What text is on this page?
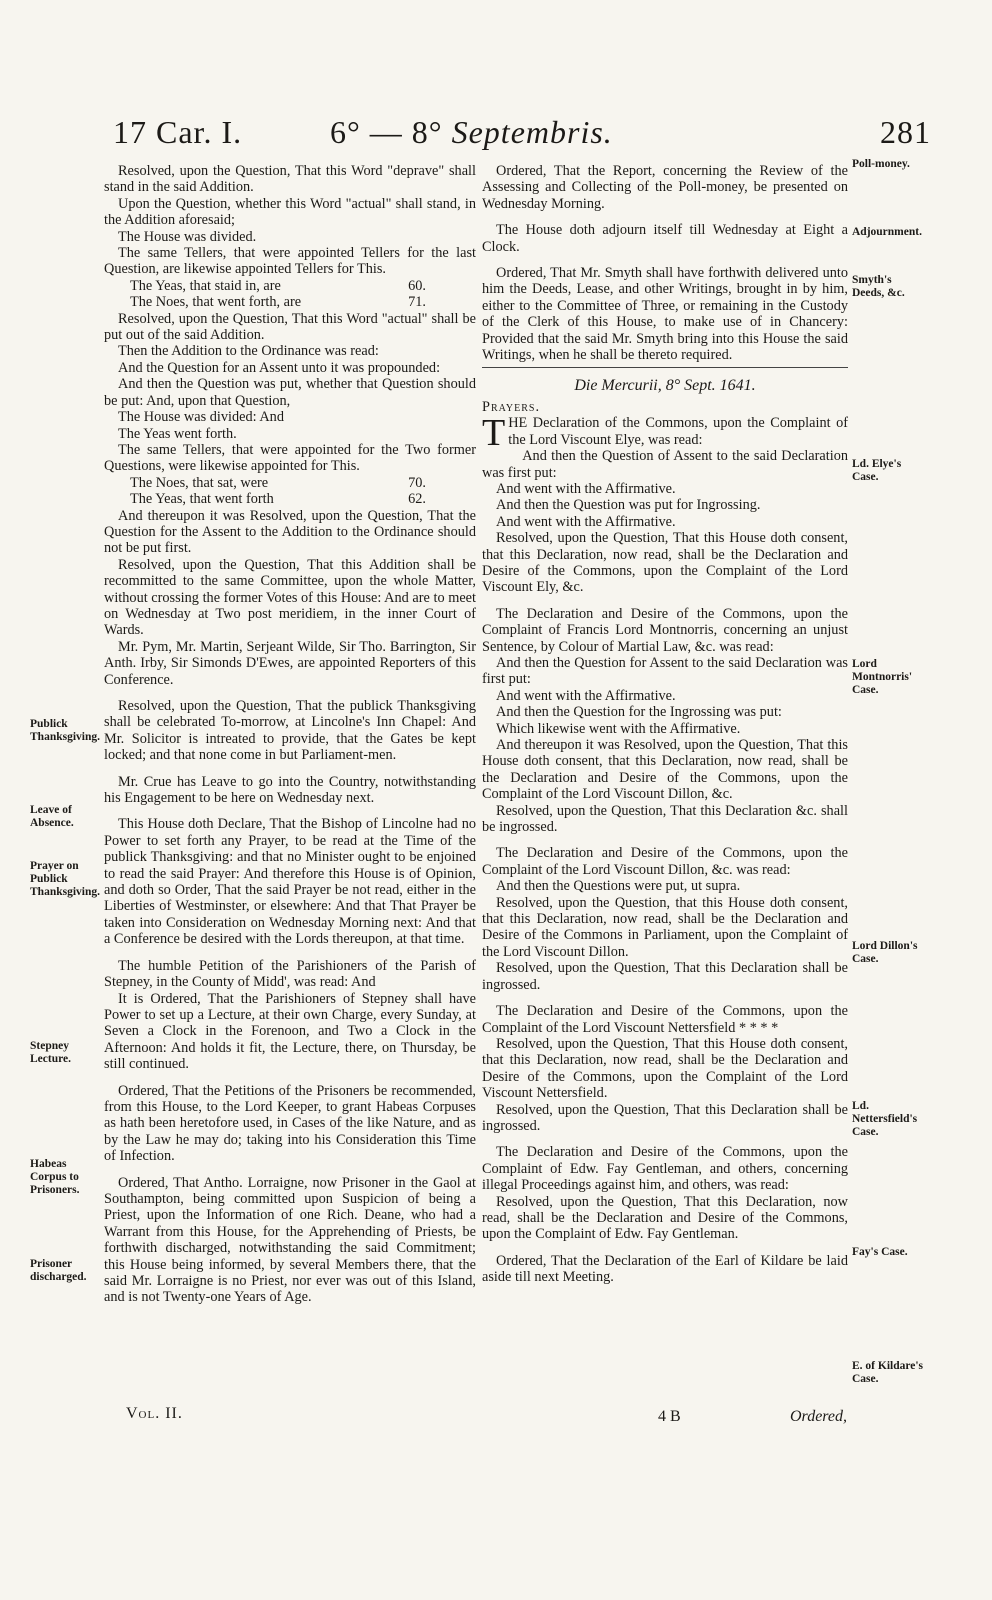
17 Car. I.	6° — 8° Septembris.	281

Resolved, upon the Question, That this Word "deprave" shall stand in the said Addition.

Upon the Question, whether this Word "actual" shall stand, in the Addition aforesaid;

The House was divided.

The same Tellers, that were appointed Tellers for the last Question, are likewise appointed Tellers for This.

The Yeas, that staid in, are	60.
The Noes, that went forth, are	71.

Resolved, upon the Question, That this Word "actual" shall be put out of the said Addition.

Then the Addition to the Ordinance was read:

And the Question for an Assent unto it was propounded:

And then the Question was put, whether that Question should be put: And, upon that Question,

The House was divided: And

The Yeas went forth.

The same Tellers, that were appointed for the Two former Questions, were likewise appointed for This.

The Noes, that sat, were	70.
The Yeas, that went forth	62.

And thereupon it was Resolved, upon the Question, That the Question for the Assent to the Addition to the Ordinance should not be put first.

Resolved, upon the Question, That this Addition shall be recommitted to the same Committee, upon the whole Matter, without crossing the former Votes of this House: And are to meet on Wednesday at Two post meridiem, in the inner Court of Wards.

Mr. Pym, Mr. Martin, Serjeant Wilde, Sir Tho. Barrington, Sir Anth. Irby, Sir Simonds D'Ewes, are appointed Reporters of this Conference.

Resolved, upon the Question, That the publick Thanksgiving shall be celebrated To-morrow, at Lincolne's Inn Chapel: And Mr. Solicitor is intreated to provide, that the Gates be kept locked; and that none come in but Parliament-men.

Mr. Crue has Leave to go into the Country, notwithstanding his Engagement to be here on Wednesday next.

This House doth Declare, That the Bishop of Lincolne had no Power to set forth any Prayer, to be read at the Time of the publick Thanksgiving: and that no Minister ought to be enjoined to read the said Prayer: And therefore this House is of Opinion, and doth so Order, That the said Prayer be not read, either in the Liberties of Westminster, or elsewhere: And that That Prayer be taken into Consideration on Wednesday Morning next: And that a Conference be desired with the Lords thereupon, at that time.

The humble Petition of the Parishioners of the Parish of Stepney, in the County of Midd', was read: And

It is Ordered, That the Parishioners of Stepney shall have Power to set up a Lecture, at their own Charge, every Sunday, at Seven a Clock in the Forenoon, and Two a Clock in the Afternoon: And holds it fit, the Lecture, there, on Thursday, be still continued.

Ordered, That the Petitions of the Prisoners be recommended, from this House, to the Lord Keeper, to grant Habeas Corpuses as hath been heretofore used, in Cases of the like Nature, and as by the Law he may do; taking into his Consideration this Time of Infection.

Ordered, That Antho. Lorraigne, now Prisoner in the Gaol at Southampton, being committed upon Suspicion of being a Priest, upon the Information of one Rich. Deane, who had a Warrant from this House, for the Apprehending of Priests, be forthwith discharged, notwithstanding the said Commitment; this House being informed, by several Members there, that the said Mr. Lorraigne is no Priest, nor ever was out of this Island, and is not Twenty-one Years of Age.

Ordered, That the Report, concerning the Review of the Assessing and Collecting of the Poll-money, be presented on Wednesday Morning.

The House doth adjourn itself till Wednesday at Eight a Clock.

Ordered, That Mr. Smyth shall have forthwith delivered unto him the Deeds, Lease, and other Writings, brought in by him, either to the Committee of Three, or remaining in the Custody of the Clerk of this House, to make use of in Chancery: Provided that the said Mr. Smyth bring into this House the said Writings, when he shall be thereto required.

Die Mercurii, 8° Sept. 1641.
Prayers.

THE Declaration of the Commons, upon the Complaint of the Lord Viscount Elye, was read:

And then the Question of Assent to the said Declaration was first put:

And went with the Affirmative.

And then the Question was put for Ingrossing.

And went with the Affirmative.

Resolved, upon the Question, That this House doth consent, that this Declaration, now read, shall be the Declaration and Desire of the Commons, upon the Complaint of the Lord Viscount Ely, &c.

The Declaration and Desire of the Commons, upon the Complaint of Francis Lord Montnorris, concerning an unjust Sentence, by Colour of Martial Law, &c. was read:

And then the Question for Assent to the said Declaration was first put:

And went with the Affirmative.

And then the Question for the Ingrossing was put:

Which likewise went with the Affirmative.

And thereupon it was Resolved, upon the Question, That this House doth consent, that this Declaration, now read, shall be the Declaration and Desire of the Commons, upon the Complaint of the Lord Viscount Dillon, &c.

Resolved, upon the Question, That this Declaration &c. shall be ingrossed.

The Declaration and Desire of the Commons, upon the Complaint of the Lord Viscount Dillon, &c. was read:

And then the Questions were put, ut supra.

Resolved, upon the Question, that this House doth consent, that this Declaration, now read, shall be the Declaration and Desire of the Commons in Parliament, upon the Complaint of the Lord Viscount Dillon.

Resolved, upon the Question, That this Declaration shall be ingrossed.

The Declaration and Desire of the Commons, upon the Complaint of the Lord Viscount Nettersfield * * * *

Resolved, upon the Question, That this House doth consent, that this Declaration, now read, shall be the Declaration and Desire of the Commons, upon the Complaint of the Lord Viscount Nettersfield.

Resolved, upon the Question, That this Declaration shall be ingrossed.

The Declaration and Desire of the Commons, upon the Complaint of Edw. Fay Gentleman, and others, concerning illegal Proceedings against him, and others, was read:

Resolved, upon the Question, That this Declaration, now read, shall be the Declaration and Desire of the Commons, upon the Complaint of Edw. Fay Gentleman.

Ordered, That the Declaration of the Earl of Kildare be laid aside till next Meeting.

Publick Thanksgiving.
Leave of Absence.
Prayer on Publick Thanksgiving.
Stepney Lecture.
Habeas Corpus to Prisoners.
Prisoner discharged.
Poll-money.
Adjournment.
Smyth's Deeds, &c.
Ld. Elye's Case.
Lord Montnorris' Case.
Lord Dillon's Case.
Ld. Nettersfield's Case.
Fay's Case.
E. of Kildare's Case.
Vol. II.	4 B	Ordered,
